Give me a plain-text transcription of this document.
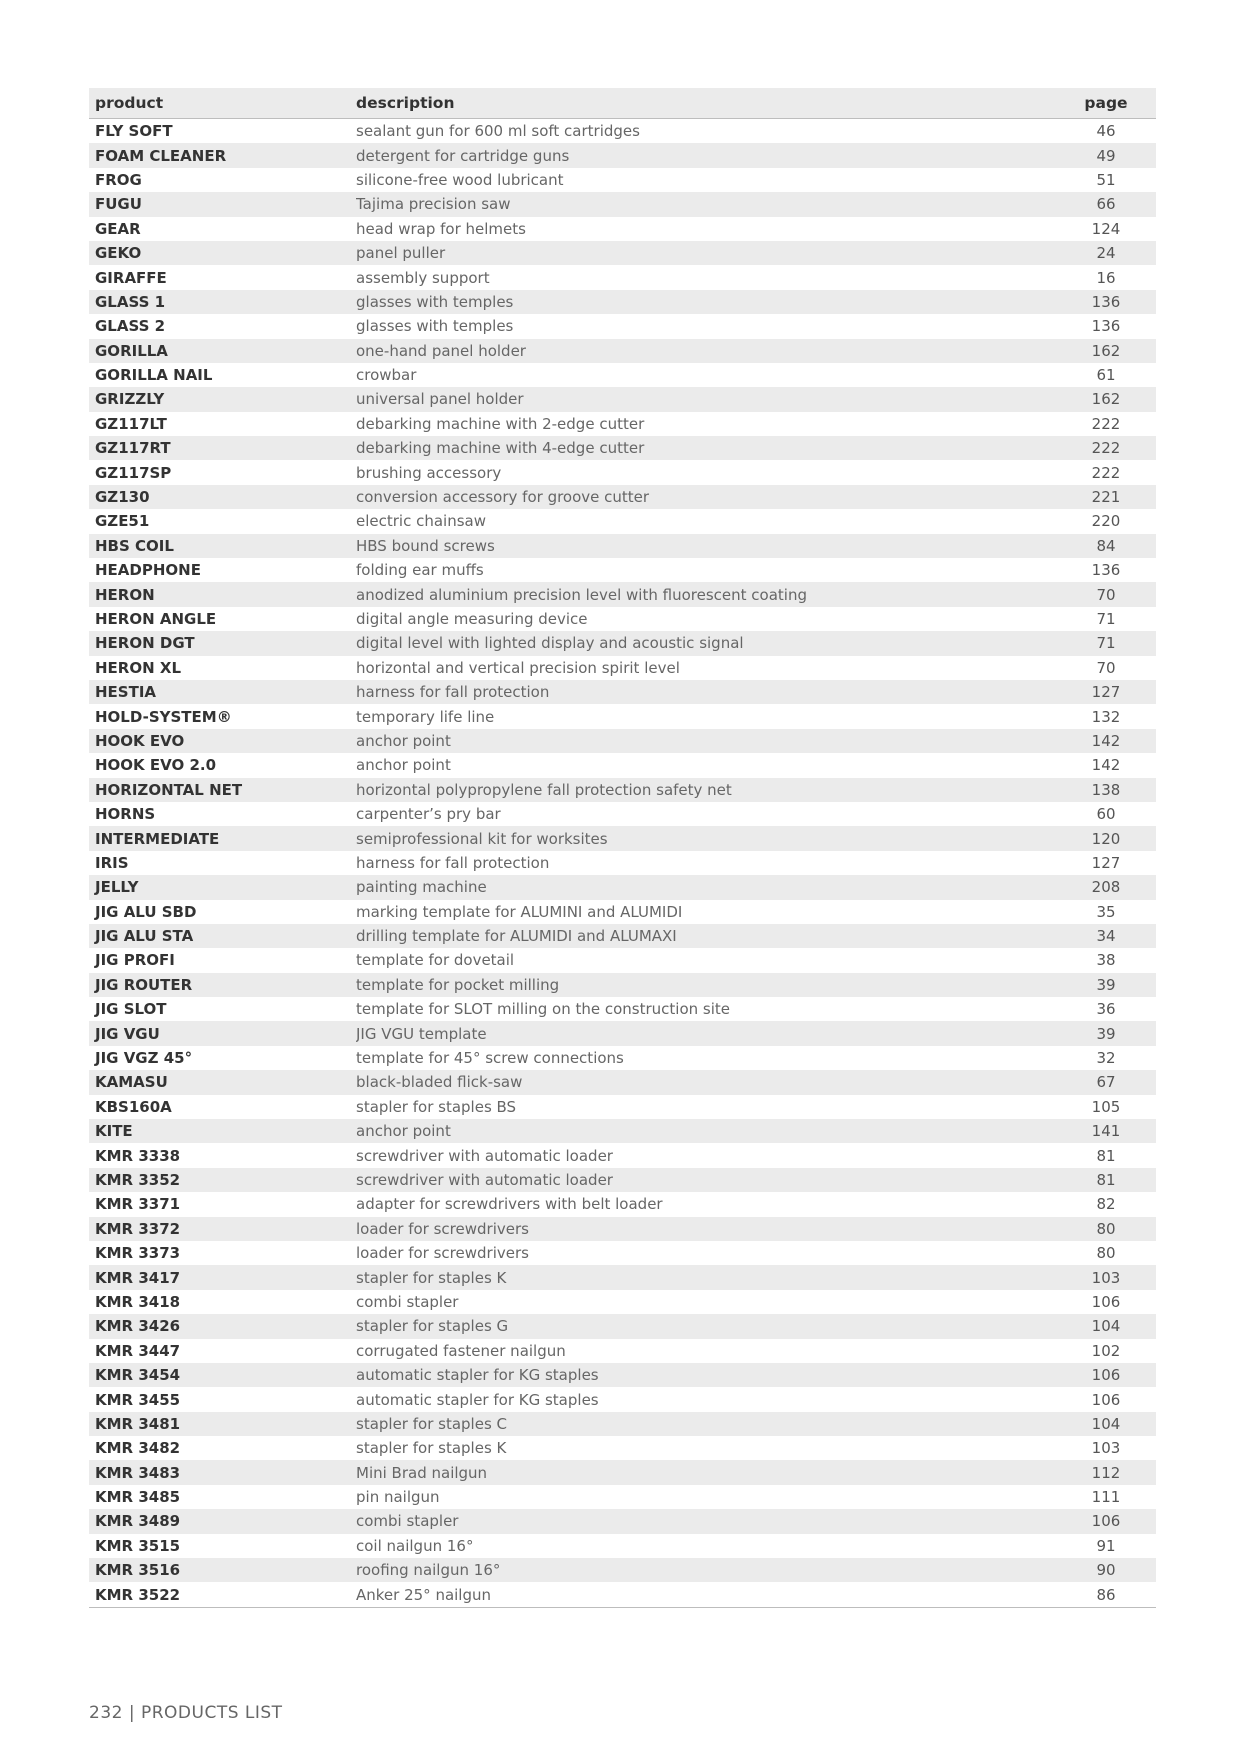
product	description	page
FLY SOFT	sealant gun for 600 ml soft cartridges	46
FOAM CLEANER	detergent for cartridge guns	49
FROG	silicone-free wood lubricant	51
FUGU	Tajima precision saw	66
GEAR	head wrap for helmets	124
GEKO	panel puller	24
GIRAFFE	assembly support	16
GLASS 1	glasses with temples	136
GLASS 2	glasses with temples	136
GORILLA	one-hand panel holder	162
GORILLA NAIL	crowbar	61
GRIZZLY	universal panel holder	162
GZ117LT	debarking machine with 2-edge cutter	222
GZ117RT	debarking machine with 4-edge cutter	222
GZ117SP	brushing accessory	222
GZ130	conversion accessory for groove cutter	221
GZE51	electric chainsaw	220
HBS COIL	HBS bound screws	84
HEADPHONE	folding ear muffs	136
HERON	anodized aluminium precision level with fluorescent coating	70
HERON ANGLE	digital angle measuring device	71
HERON DGT	digital level with lighted display and acoustic signal	71
HERON XL	horizontal and vertical precision spirit level	70
HESTIA	harness for fall protection	127
HOLD-SYSTEM®	temporary life line	132
HOOK EVO	anchor point	142
HOOK EVO 2.0	anchor point	142
HORIZONTAL NET	horizontal polypropylene fall protection safety net	138
HORNS	carpenter’s pry bar	60
INTERMEDIATE	semiprofessional kit for worksites	120
IRIS	harness for fall protection	127
JELLY	painting machine	208
JIG ALU SBD	marking template for ALUMINI and ALUMIDI	35
JIG ALU STA	drilling template for ALUMIDI and ALUMAXI	34
JIG PROFI	template for dovetail	38
JIG ROUTER	template for pocket milling	39
JIG SLOT	template for SLOT milling on the construction site	36
JIG VGU	JIG VGU template	39
JIG VGZ 45°	template for 45° screw connections	32
KAMASU	black-bladed flick-saw	67
KBS160A	stapler for staples BS	105
KITE	anchor point	141
KMR 3338	screwdriver with automatic loader	81
KMR 3352	screwdriver with automatic loader	81
KMR 3371	adapter for screwdrivers with belt loader	82
KMR 3372	loader for screwdrivers	80
KMR 3373	loader for screwdrivers	80
KMR 3417	stapler for staples K	103
KMR 3418	combi stapler	106
KMR 3426	stapler for staples G	104
KMR 3447	corrugated fastener nailgun	102
KMR 3454	automatic stapler for KG staples	106
KMR 3455	automatic stapler for KG staples	106
KMR 3481	stapler for staples C	104
KMR 3482	stapler for staples K	103
KMR 3483	Mini Brad nailgun	112
KMR 3485	pin nailgun	111
KMR 3489	combi stapler	106
KMR 3515	coil nailgun 16°	91
KMR 3516	roofing nailgun 16°	90
KMR 3522	Anker 25° nailgun	86
232 | PRODUCTS LIST
